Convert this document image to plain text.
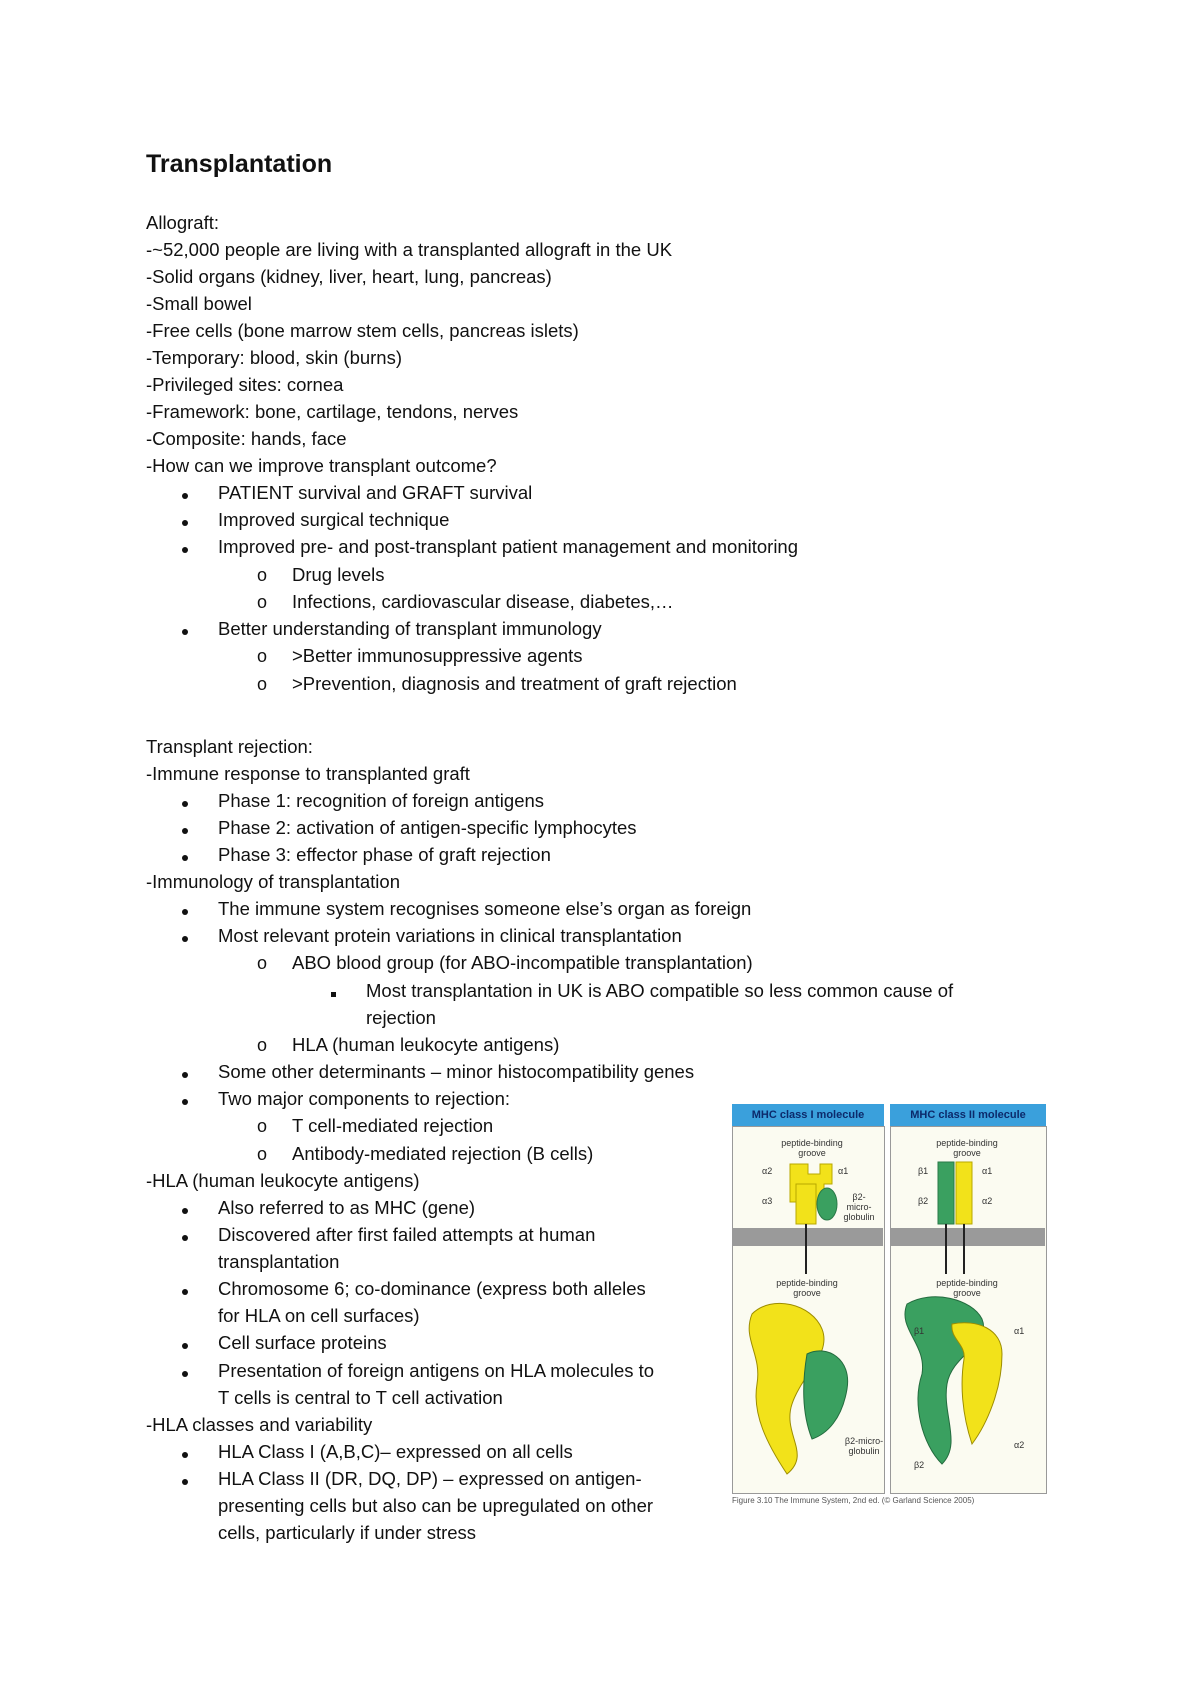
Transplantation
Allograft:
-~52,000 people are living with a transplanted allograft in the UK
-Solid organs (kidney, liver, heart, lung, pancreas)
-Small bowel
-Free cells (bone marrow stem cells, pancreas islets)
-Temporary: blood, skin (burns)
-Privileged sites: cornea
-Framework: bone, cartilage, tendons, nerves
-Composite: hands, face
-How can we improve transplant outcome?
PATIENT survival and GRAFT survival
Improved surgical technique
Improved pre- and post-transplant patient management and monitoring
o Drug levels
o Infections, cardiovascular disease, diabetes,…
Better understanding of transplant immunology
o >Better immunosuppressive agents
o >Prevention, diagnosis and treatment of graft rejection
Transplant rejection:
-Immune response to transplanted graft
Phase 1: recognition of foreign antigens
Phase 2: activation of antigen-specific lymphocytes
Phase 3: effector phase of graft rejection
-Immunology of transplantation
The immune system recognises someone else’s organ as foreign
Most relevant protein variations in clinical transplantation
o ABO blood group (for ABO-incompatible transplantation)
Most transplantation in UK is ABO compatible so less common cause of
rejection
o HLA (human leukocyte antigens)
Some other determinants – minor histocompatibility genes
Two major components to rejection:
o T cell-mediated rejection
o Antibody-mediated rejection (B cells)
-HLA (human leukocyte antigens)
Also referred to as MHC (gene)
Discovered after first failed attempts at human
transplantation
Chromosome 6; co-dominance (express both alleles
for HLA on cell surfaces)
Cell surface proteins
Presentation of foreign antigens on HLA molecules to
T cells is central to T cell activation
-HLA classes and variability
HLA Class I (A,B,C)– expressed on all cells
HLA Class II (DR, DQ, DP) – expressed on antigen-
presenting cells but also can be upregulated on other
cells, particularly if under stress
MHC class I molecule	MHC class II molecule
peptide-binding groove
peptide-binding groove
peptide-binding groove
peptide-binding groove
α2	α1
α3	β2-micro-globulin
β1	α1
β2	α2
β2-micro-globulin
β1	α1
β2
α2
Figure 3.10 The Immune System, 2nd ed. (© Garland Science 2005)
